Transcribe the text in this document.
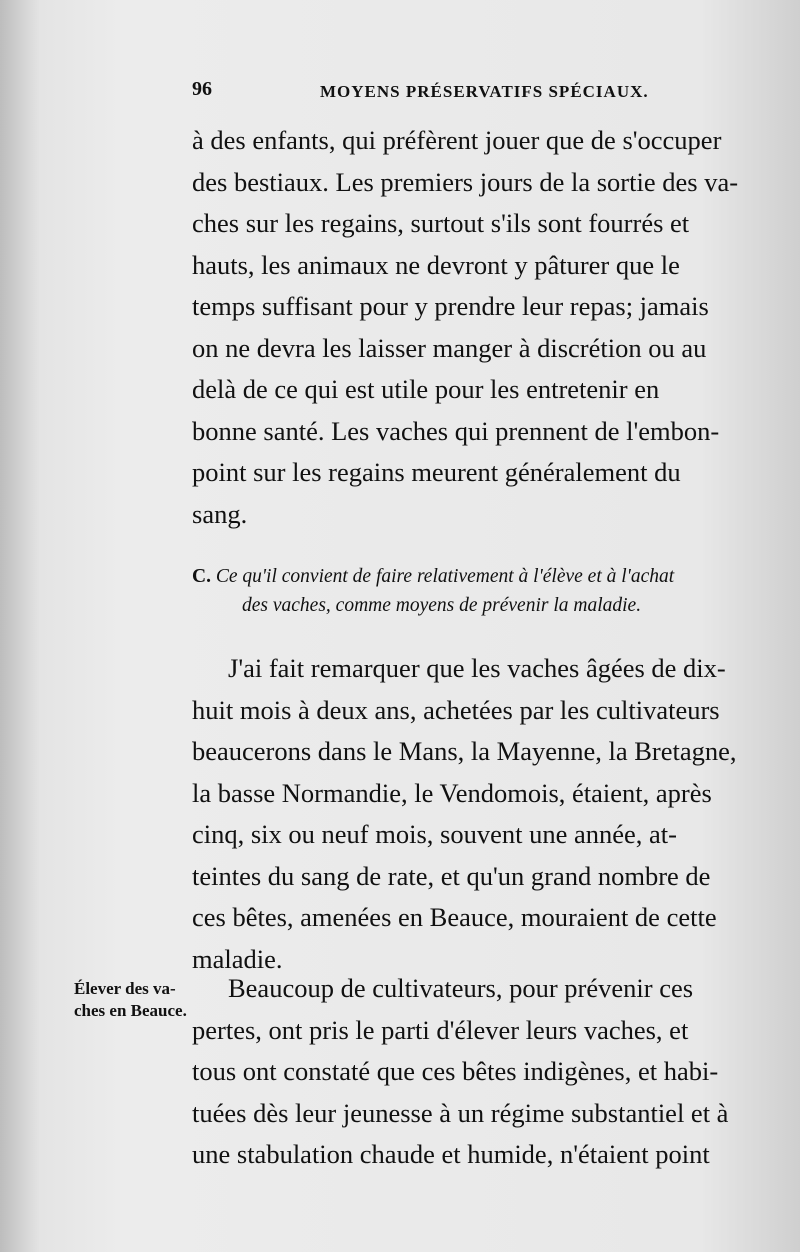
96	MOYENS PRÉSERVATIFS SPÉCIAUX.

à des enfants, qui préfèrent jouer que de s'occuper

des bestiaux. Les premiers jours de la sortie des va-

ches sur les regains, surtout s'ils sont fourrés et

hauts, les animaux ne devront y pâturer que le

temps suffisant pour y prendre leur repas; jamais

on ne devra les laisser manger à discrétion ou au

delà de ce qui est utile pour les entretenir en

bonne santé. Les vaches qui prennent de l'embon-

point sur les regains meurent généralement du

sang.

C. Ce qu'il convient de faire relativement à l'élève et à l'achat
des vaches, comme moyens de prévenir la maladie.

J'ai fait remarquer que les vaches âgées de dix-

huit mois à deux ans, achetées par les cultivateurs

beaucerons dans le Mans, la Mayenne, la Bretagne,

la basse Normandie, le Vendomois, étaient, après

cinq, six ou neuf mois, souvent une année, at-

teintes du sang de rate, et qu'un grand nombre de

ces bêtes, amenées en Beauce, mouraient de cette

maladie.

Élever des va-
ches en Beauce.

Beaucoup de cultivateurs, pour prévenir ces

pertes, ont pris le parti d'élever leurs vaches, et

tous ont constaté que ces bêtes indigènes, et habi-

tuées dès leur jeunesse à un régime substantiel et à

une stabulation chaude et humide, n'étaient point
